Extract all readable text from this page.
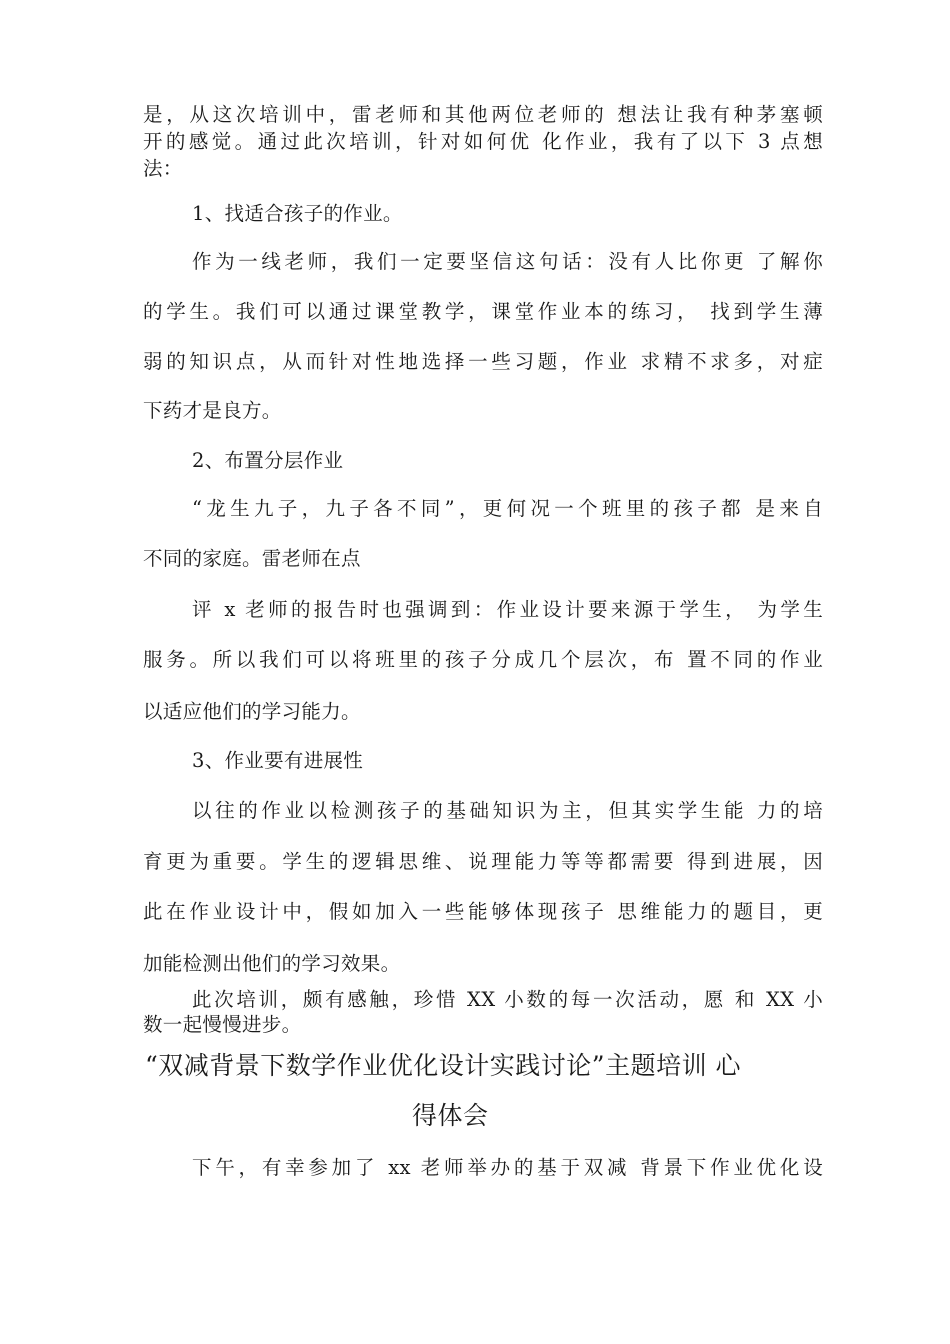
是，从这次培训中，雷老师和其他两位老师的 想法让我有种茅塞顿
开的感觉。通过此次培训，针对如何优 化作业，我有了以下 3 点想
法：
1、找适合孩子的作业。
作为一线老师，我们一定要坚信这句话：没有人比你更 了解你
的学生。我们可以通过课堂教学，课堂作业本的练习， 找到学生薄
弱的知识点，从而针对性地选择一些习题，作业 求精不求多，对症
下药才是良方。
2、布置分层作业
“龙生九子，九子各不同”，更何况一个班里的孩子都 是来自
不同的家庭。雷老师在点
评 x 老师的报告时也强调到：作业设计要来源于学生， 为学生
服务。所以我们可以将班里的孩子分成几个层次，布 置不同的作业
以适应他们的学习能力。
3、作业要有进展性
以往的作业以检测孩子的基础知识为主，但其实学生能 力的培
育更为重要。学生的逻辑思维、说理能力等等都需要 得到进展，因
此在作业设计中，假如加入一些能够体现孩子 思维能力的题目，更
加能检测出他们的学习效果。
此次培训，颇有感触，珍惜 XX 小数的每一次活动，愿 和 XX 小
数一起慢慢进步。
“双减背景下数学作业优化设计实践讨论”主题培训 心
得体会
下午，有幸参加了 xx 老师举办的基于双减 背景下作业优化设
